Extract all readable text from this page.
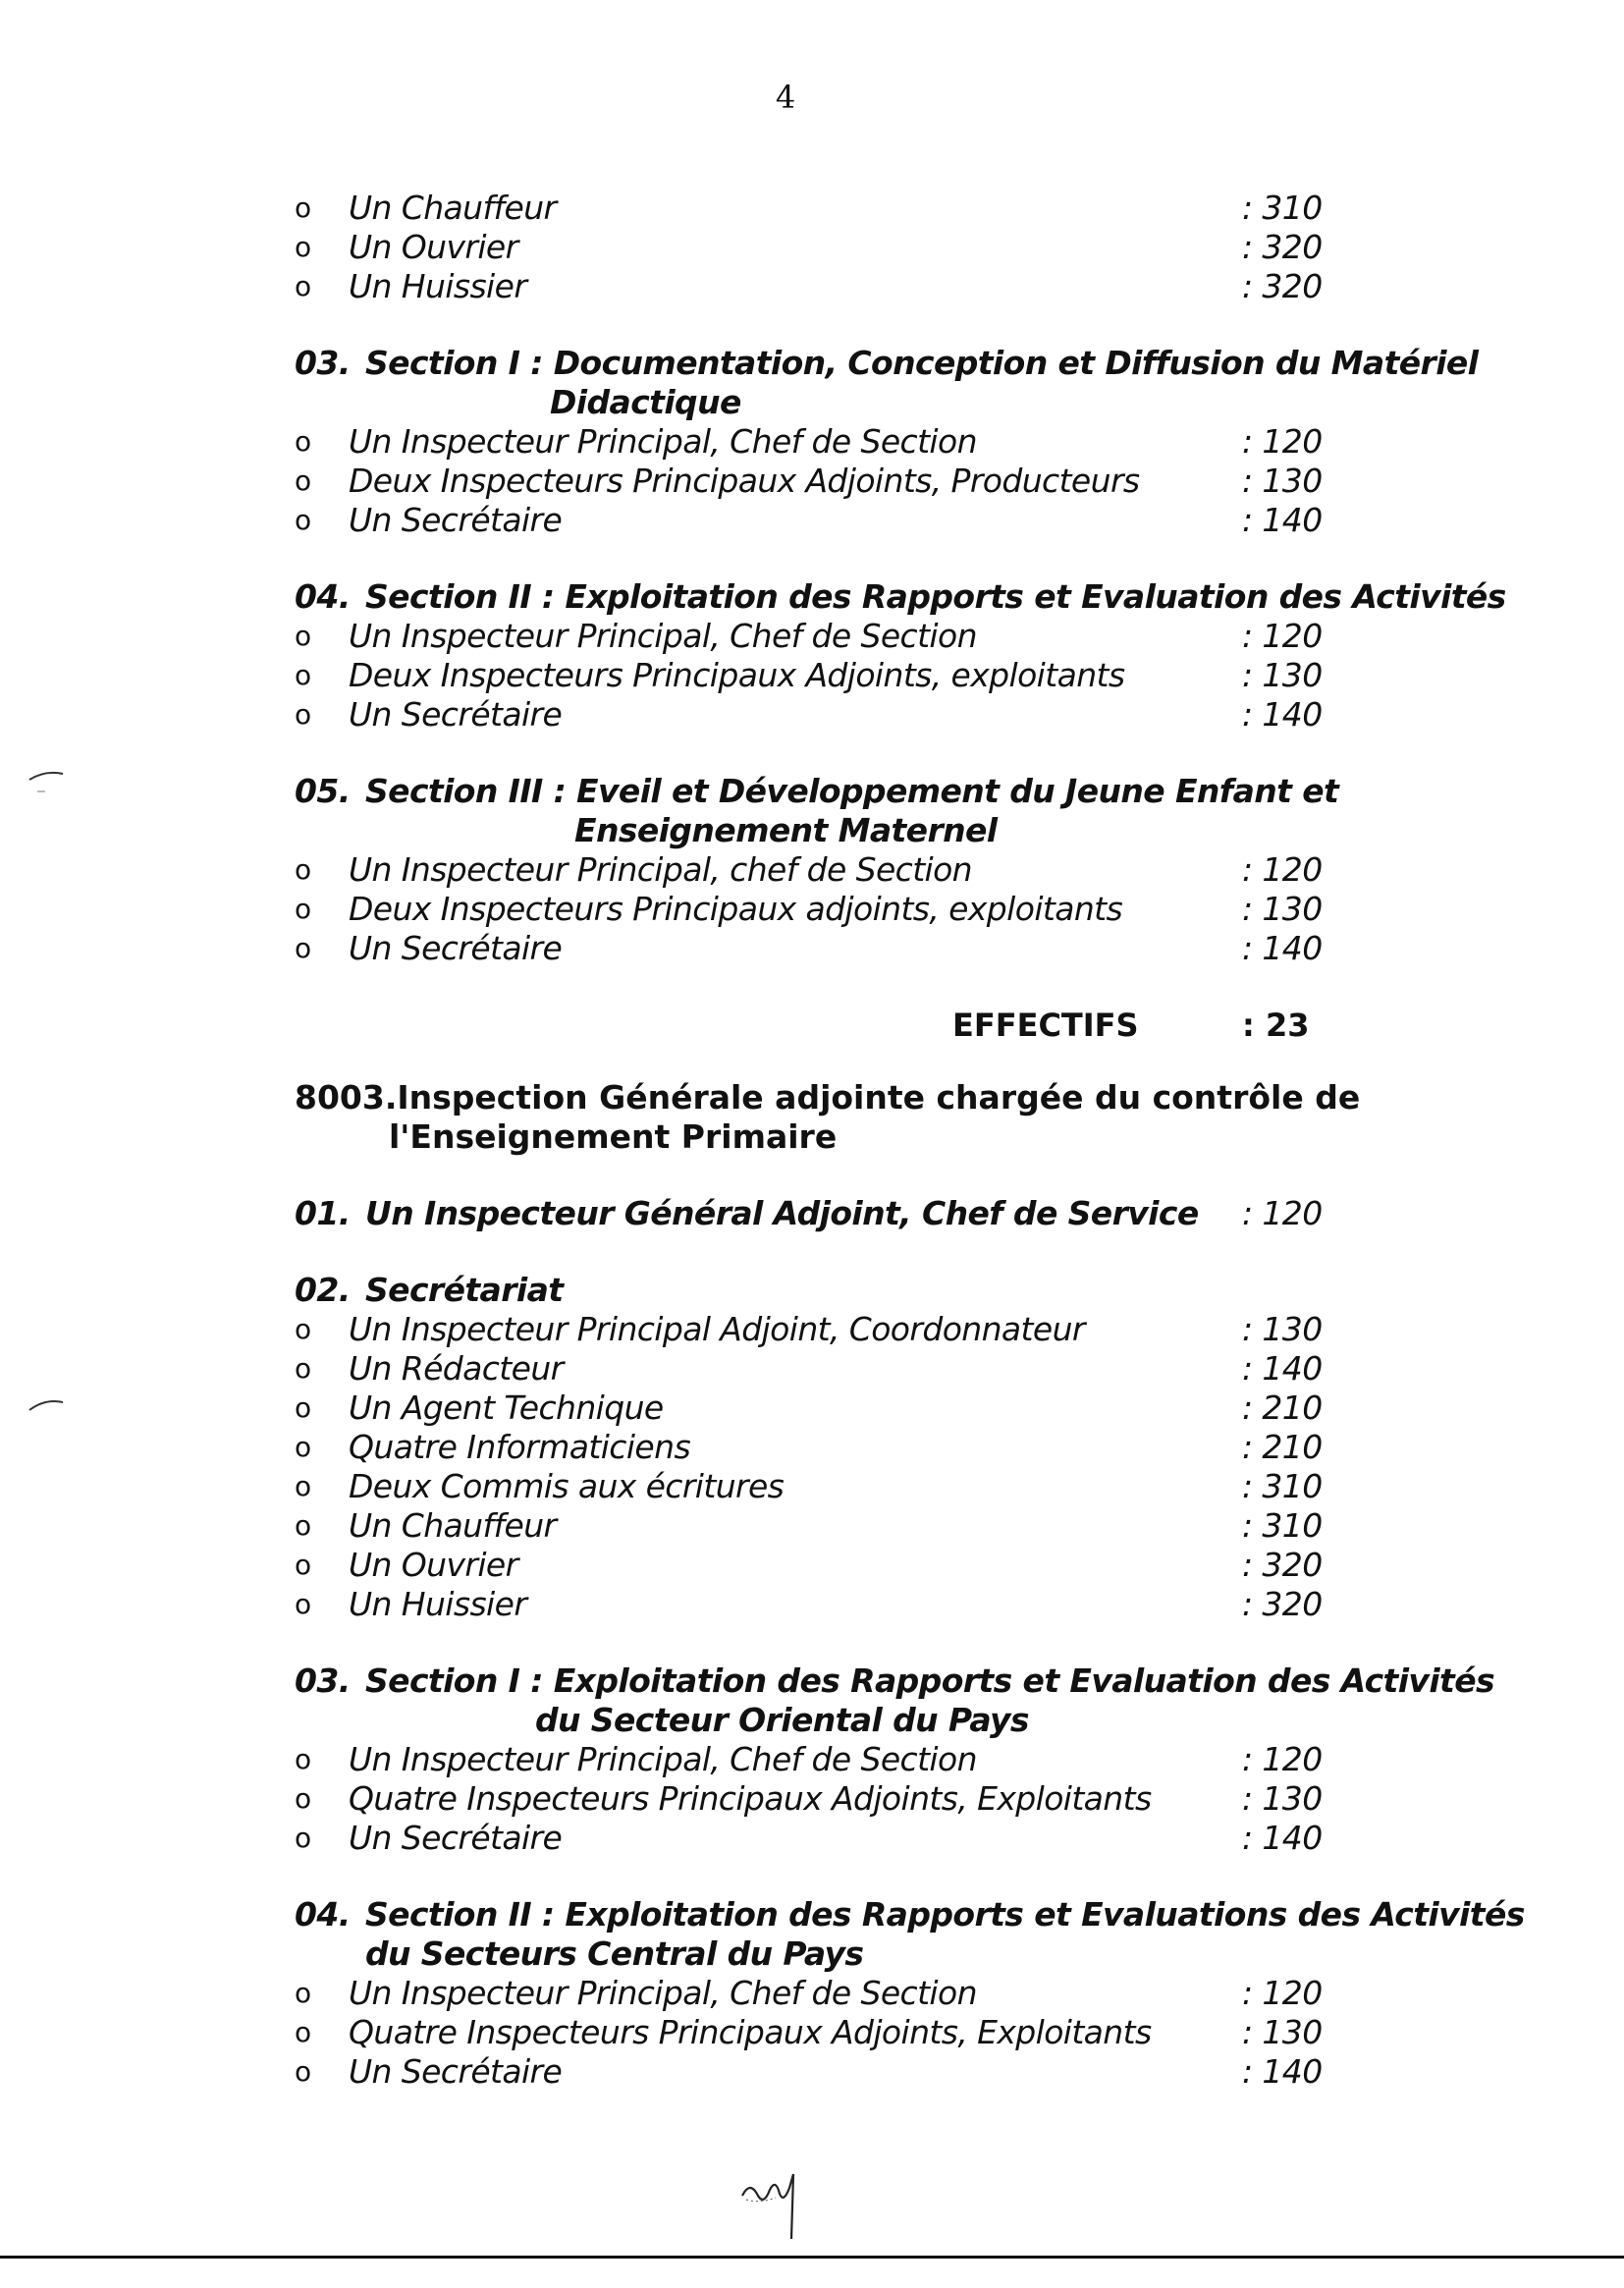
4
o Un Chauffeur	: 310
o Un Ouvrier	: 320
o Un Huissier	: 320
03. Section I : Documentation, Conception et Diffusion du Matériel
Didactique
o Un Inspecteur Principal, Chef de Section	: 120
o Deux Inspecteurs Principaux Adjoints, Producteurs	: 130
o Un Secrétaire	: 140
04. Section II : Exploitation des Rapports et Evaluation des Activités
o Un Inspecteur Principal, Chef de Section	: 120
o Deux Inspecteurs Principaux Adjoints, exploitants	: 130
o Un Secrétaire	: 140
05. Section III : Eveil et Développement du Jeune Enfant et
Enseignement Maternel
o Un Inspecteur Principal, chef de Section	: 120
o Deux Inspecteurs Principaux adjoints, exploitants	: 130
o Un Secrétaire	: 140
EFFECTIFS	: 23
8003.Inspection Générale adjointe chargée du contrôle de
l'Enseignement Primaire
01. Un Inspecteur Général Adjoint, Chef de Service : 120
02. Secrétariat
o Un Inspecteur Principal Adjoint, Coordonnateur	: 130
o Un Rédacteur	: 140
o Un Agent Technique	: 210
o Quatre Informaticiens	: 210
o Deux Commis aux écritures	: 310
o Un Chauffeur	: 310
o Un Ouvrier	: 320
o Un Huissier	: 320
03. Section I : Exploitation des Rapports et Evaluation des Activités
du Secteur Oriental du Pays
o Un Inspecteur Principal, Chef de Section	: 120
o Quatre Inspecteurs Principaux Adjoints, Exploitants	: 130
o Un Secrétaire	: 140
04. Section II : Exploitation des Rapports et Evaluations des Activités
du Secteurs Central du Pays
o Un Inspecteur Principal, Chef de Section	: 120
o Quatre Inspecteurs Principaux Adjoints, Exploitants	: 130
o Un Secrétaire	: 140
